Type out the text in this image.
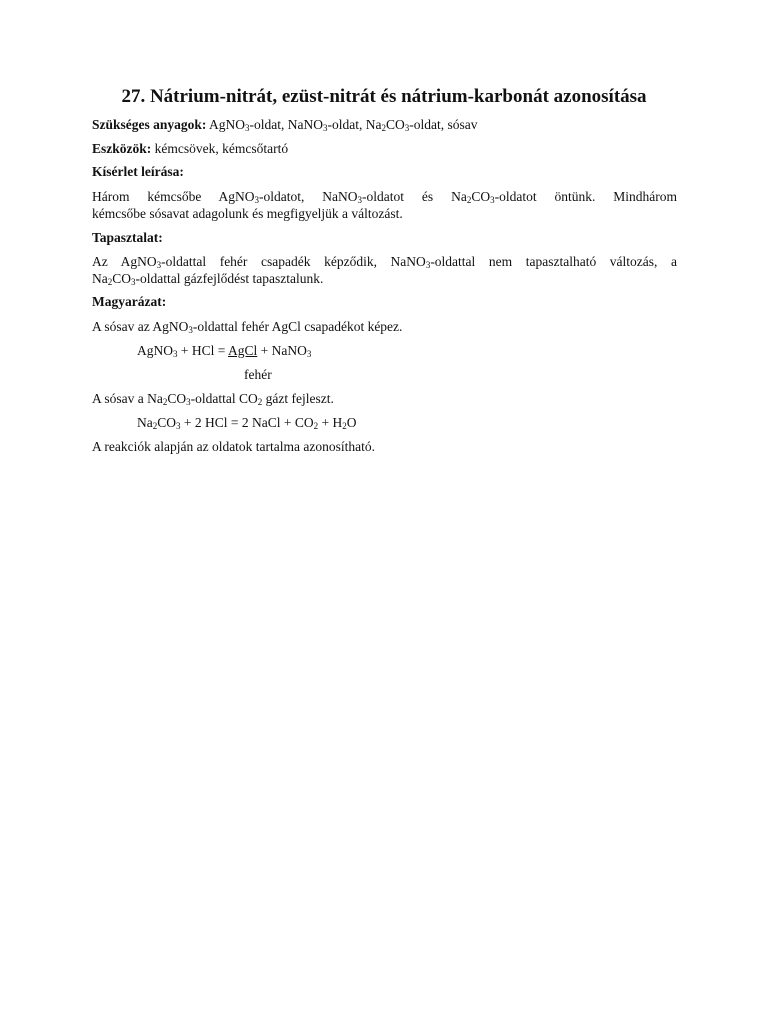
27. Nátrium-nitrát, ezüst-nitrát és nátrium-karbonát azonosítása
Szükséges anyagok: AgNO$_3$-oldat, NaNO$_3$-oldat, $Na_2CO_3$-oldat, sósav
Eszközök: kémcsövek, kémcsőtartó
Kísérlet leírása:
Három kémcsőbe AgNO$_3$-oldatot, NaNO$_3$-oldatot és $Na_2CO_3$-oldatot öntünk. Mindhárom
kémcsőbe sósavat adagolunk és megfigyeljük a változást.
Tapasztalat:
Az AgNO$_3$-oldattal fehér csapadék képződik, NaNO$_3$-oldattal nem tapasztalható változás, a
$Na_2CO_3$-oldattal gázfejlődést tapasztalunk.
Magyarázat:
A sósav az AgNO$_3$-oldattal fehér AgCl csapadékot képez.
AgNO$_3$ + HCl = AgCl + NaNO$_3$
fehér
A sósav a $Na_2CO_3$-oldattal $CO_2$ gázt fejleszt.
$Na_2CO_3 + 2$ HCl = 2 NaCl + $CO_2 + H_2O$
A reakciók alapján az oldatok tartalma azonosítható.
